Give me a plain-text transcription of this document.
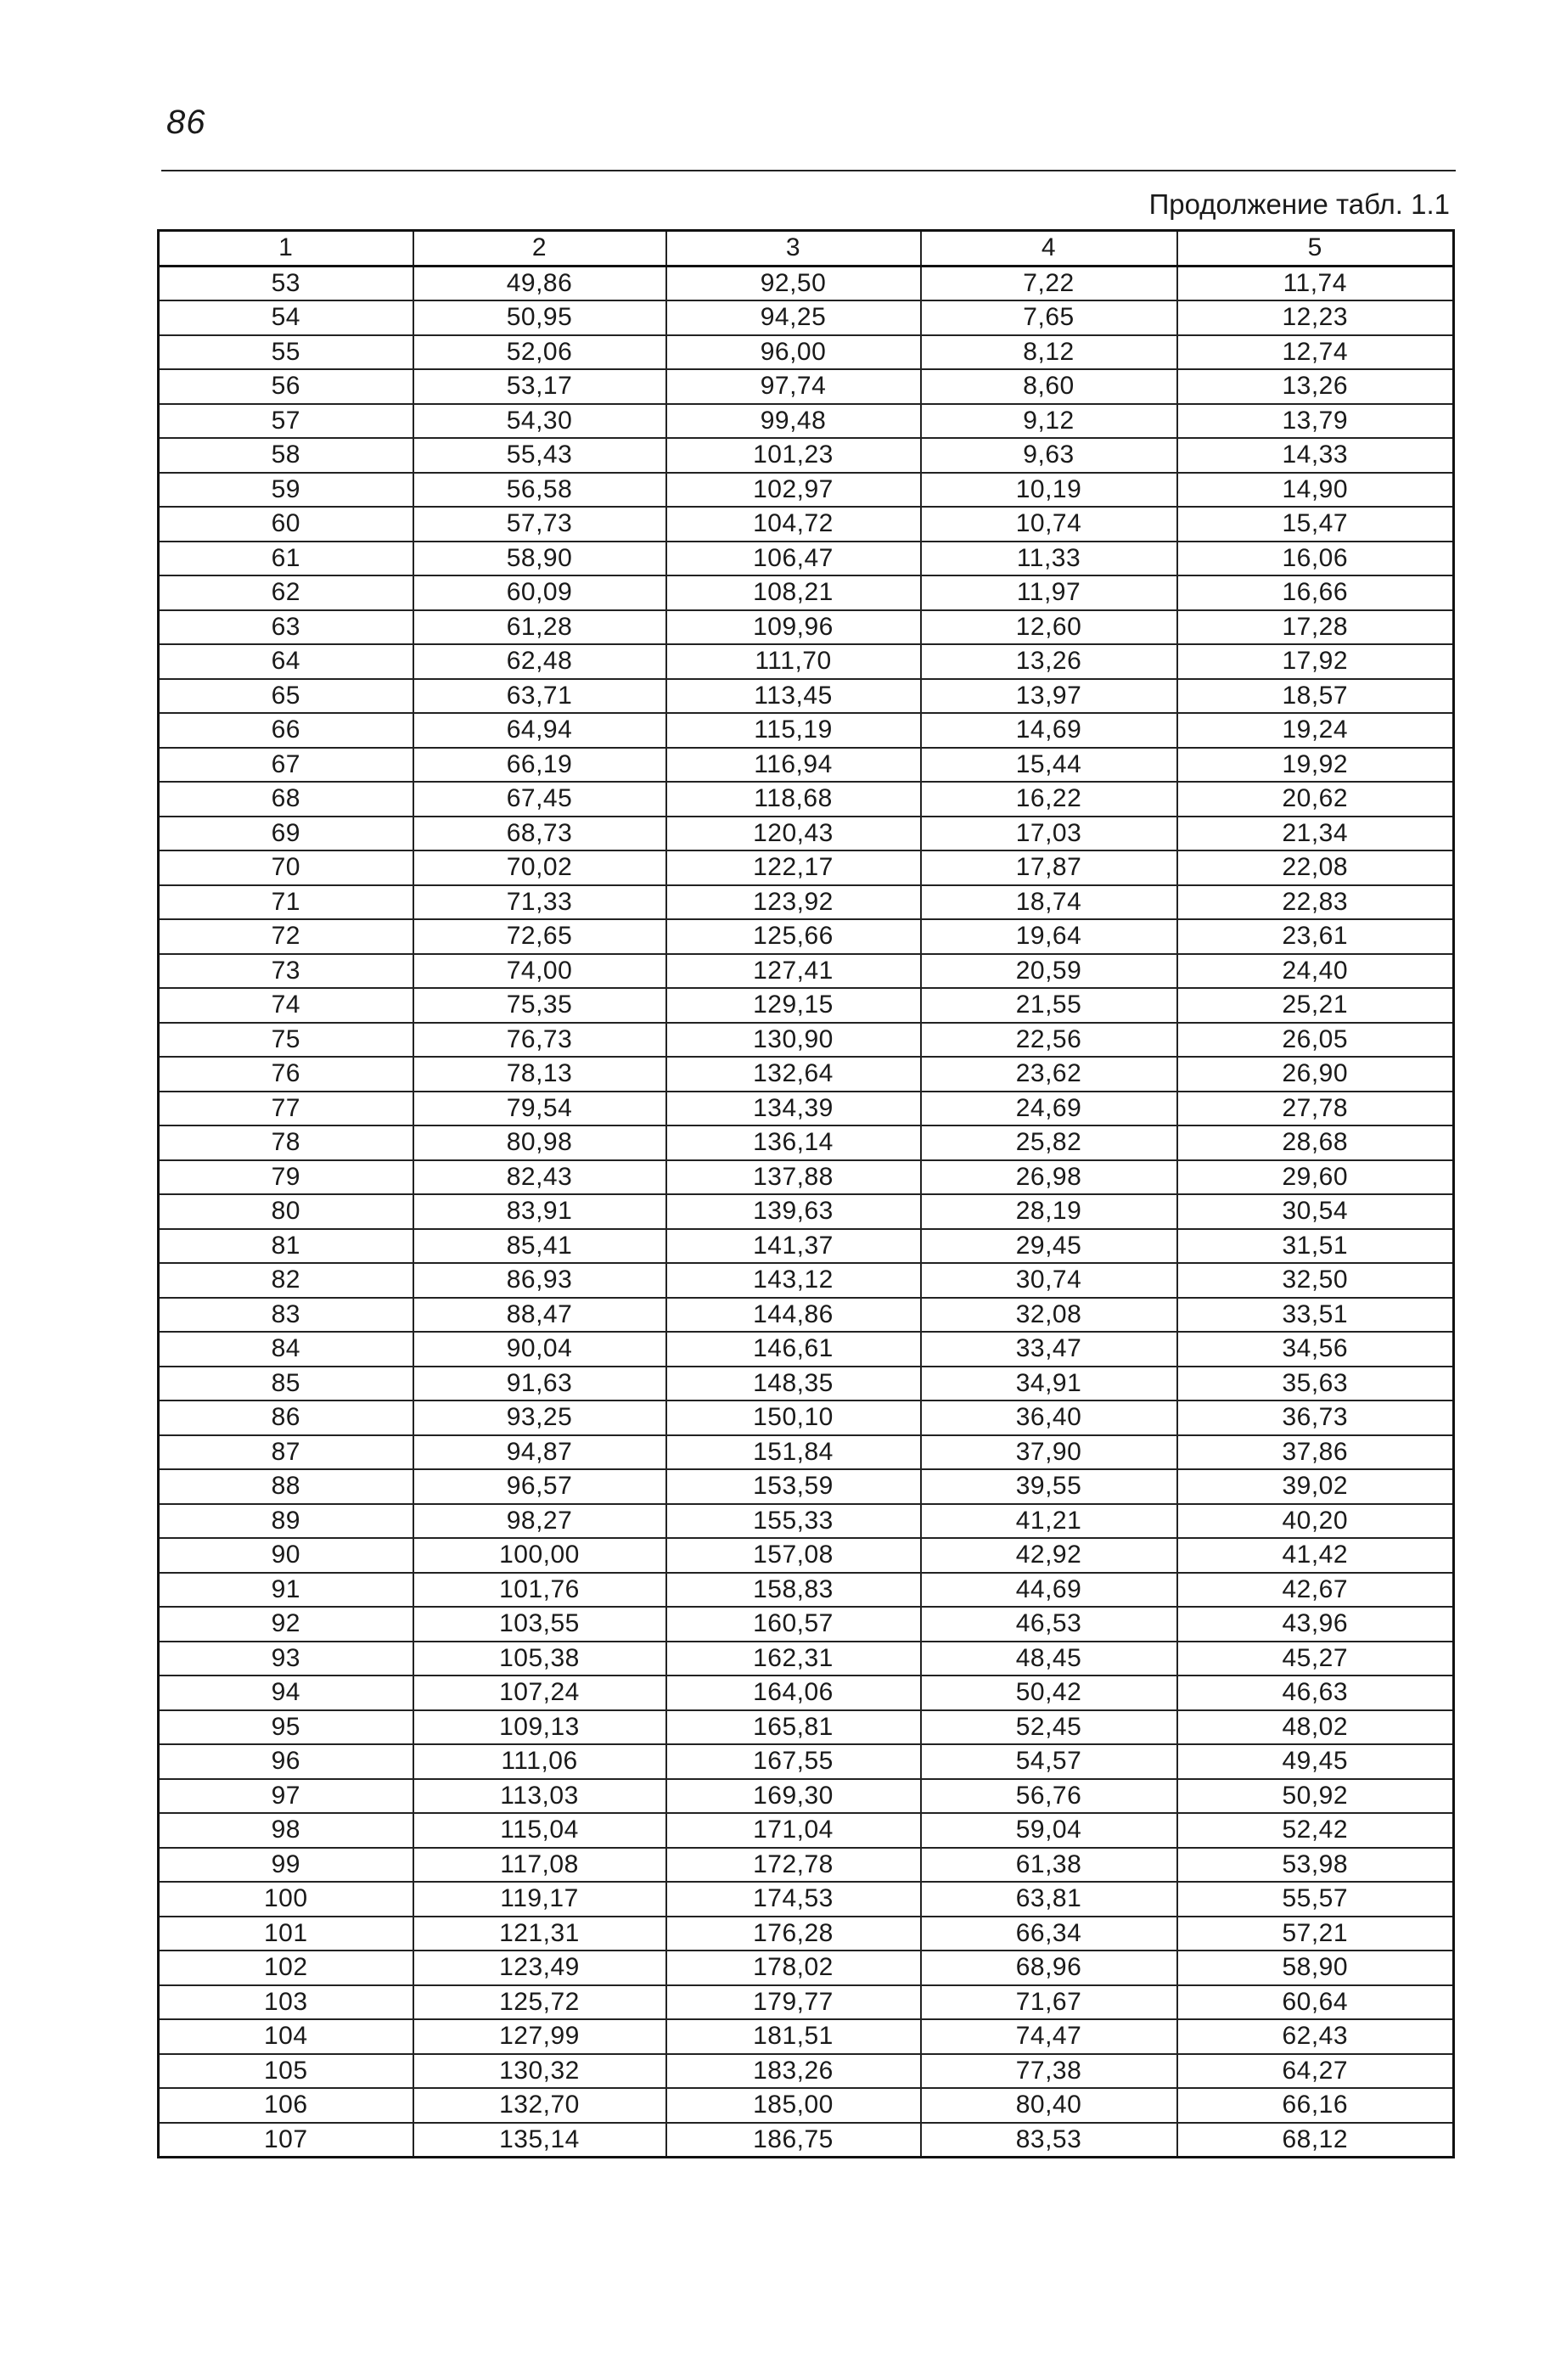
86
Продолжение табл. 1.1
1	2	3	4	5
53	49,86	92,50	7,22	11,74
54	50,95	94,25	7,65	12,23
55	52,06	96,00	8,12	12,74
56	53,17	97,74	8,60	13,26
57	54,30	99,48	9,12	13,79
58	55,43	101,23	9,63	14,33
59	56,58	102,97	10,19	14,90
60	57,73	104,72	10,74	15,47
61	58,90	106,47	11,33	16,06
62	60,09	108,21	11,97	16,66
63	61,28	109,96	12,60	17,28
64	62,48	111,70	13,26	17,92
65	63,71	113,45	13,97	18,57
66	64,94	115,19	14,69	19,24
67	66,19	116,94	15,44	19,92
68	67,45	118,68	16,22	20,62
69	68,73	120,43	17,03	21,34
70	70,02	122,17	17,87	22,08
71	71,33	123,92	18,74	22,83
72	72,65	125,66	19,64	23,61
73	74,00	127,41	20,59	24,40
74	75,35	129,15	21,55	25,21
75	76,73	130,90	22,56	26,05
76	78,13	132,64	23,62	26,90
77	79,54	134,39	24,69	27,78
78	80,98	136,14	25,82	28,68
79	82,43	137,88	26,98	29,60
80	83,91	139,63	28,19	30,54
81	85,41	141,37	29,45	31,51
82	86,93	143,12	30,74	32,50
83	88,47	144,86	32,08	33,51
84	90,04	146,61	33,47	34,56
85	91,63	148,35	34,91	35,63
86	93,25	150,10	36,40	36,73
87	94,87	151,84	37,90	37,86
88	96,57	153,59	39,55	39,02
89	98,27	155,33	41,21	40,20
90	100,00	157,08	42,92	41,42
91	101,76	158,83	44,69	42,67
92	103,55	160,57	46,53	43,96
93	105,38	162,31	48,45	45,27
94	107,24	164,06	50,42	46,63
95	109,13	165,81	52,45	48,02
96	111,06	167,55	54,57	49,45
97	113,03	169,30	56,76	50,92
98	115,04	171,04	59,04	52,42
99	117,08	172,78	61,38	53,98
100	119,17	174,53	63,81	55,57
101	121,31	176,28	66,34	57,21
102	123,49	178,02	68,96	58,90
103	125,72	179,77	71,67	60,64
104	127,99	181,51	74,47	62,43
105	130,32	183,26	77,38	64,27
106	132,70	185,00	80,40	66,16
107	135,14	186,75	83,53	68,12
